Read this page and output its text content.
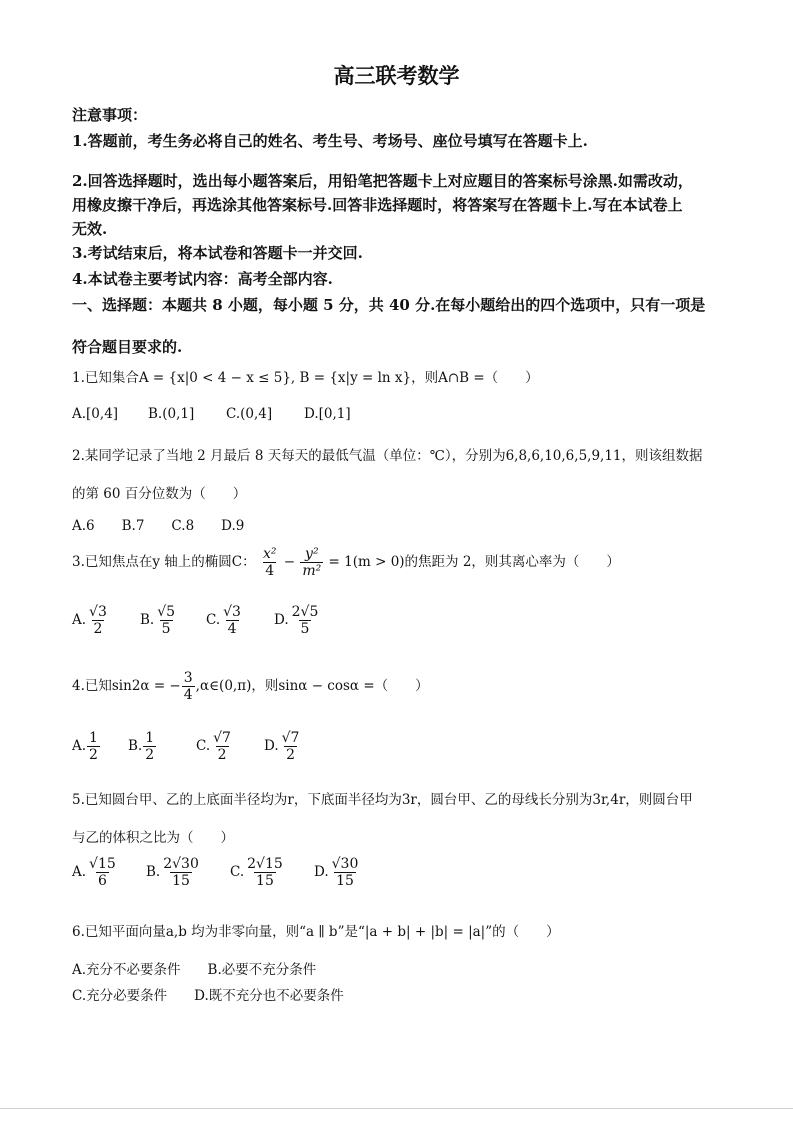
高三联考数学
注意事项：
1.答题前，考生务必将自己的姓名、考生号、考场号、座位号填写在答题卡上.
2.回答选择题时，选出每小题答案后，用铅笔把答题卡上对应题目的答案标号涂黑.如需改动，
用橡皮擦干净后，再选涂其他答案标号.回答非选择题时，将答案写在答题卡上.写在本试卷上
无效.
3.考试结束后，将本试卷和答题卡一并交回.
4.本试卷主要考试内容：高考全部内容.
一、选择题：本题共 8 小题，每小题 5 分，共 40 分.在每小题给出的四个选项中，只有一项是
符合题目要求的.
1.已知集合A = {x|0 < 4 − x ≤ 5}, B = {x|y = ln x}，则A∩B =（　　）
A.[0,4] B.(0,1] C.(0,4] D.[0,1]
2.某同学记录了当地 2 月最后 8 天每天的最低气温（单位：℃），分别为6,8,6,10,6,5,9,11，则该组数据
的第 60 百分位数为（　　）
A.6　　B.7　　C.8　　D.9
3.已知焦点在y 轴上的椭圆C： $\frac{\text{x²}}{4} - \frac{\text{y²}}{\text{m²}} = 1(m > 0)$的焦距为 2，则其离心率为（　　）
A. $\frac{√3}{2} B$. $\frac{√5}{5} C$. $\frac{√3}{4} D$. $\frac{2√5}{5}$
4.已知sin2α = − $\frac{3}{4}$ ,α∈(0,π)，则sinα − cosα =（　　）
A. $\frac{1}{2} B$. $\frac{1}{2}$	C. $\frac{√7}{2} D$. $\frac{√7}{2}$
5.已知圆台甲、乙的上底面半径均为r，下底面半径均为3r，圆台甲、乙的母线长分别为3r,4r，则圆台甲
与乙的体积之比为（　　）
A. $\frac{√15}{6} B$. $\frac{2√30}{15} C$. $\frac{2√15}{15} D$. $\frac{√30}{15}$
6.已知平面向量a,b 均为非零向量，则“a ∥ b”是“|a + b| + |b| = |a|”的（　　）
A.充分不必要条件　　B.必要不充分条件
C.充分必要条件　　D.既不充分也不必要条件
